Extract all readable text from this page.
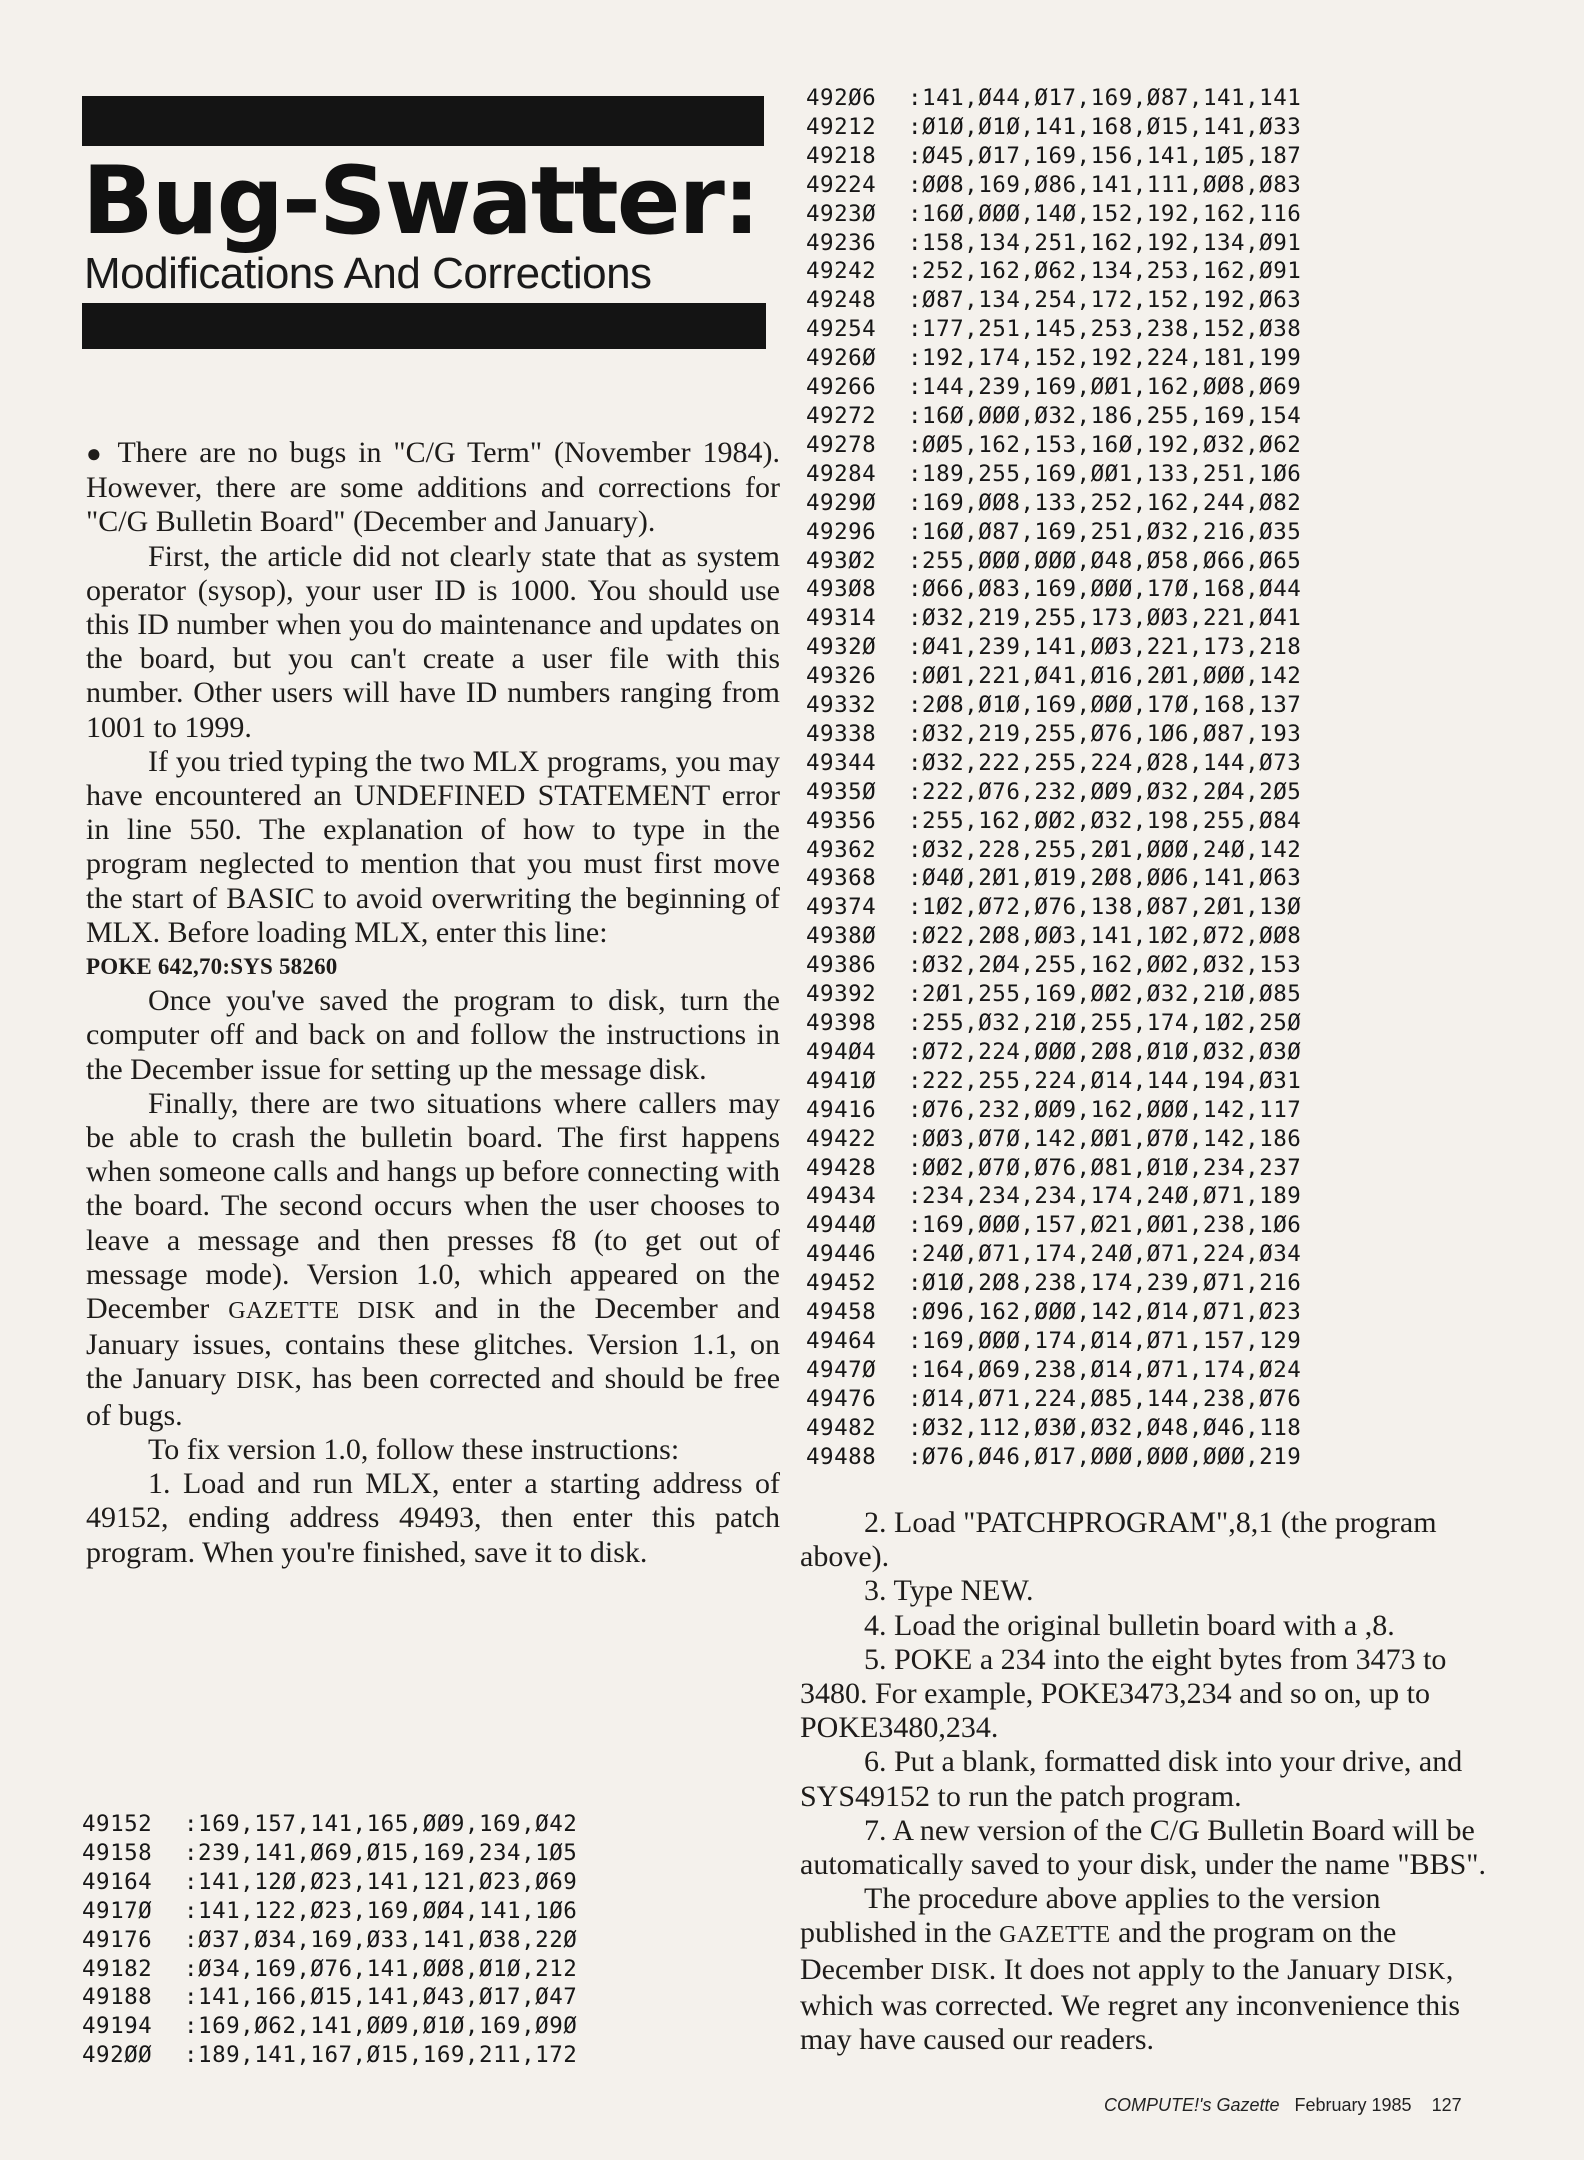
Bug-Swatter:
Modifications And Corrections

● There are no bugs in "C/G Term" (November 1984). However, there are some additions and corrections for "C/G Bulletin Board" (December and January).

First, the article did not clearly state that as system operator (sysop), your user ID is 1000. You should use this ID number when you do maintenance and updates on the board, but you can't create a user file with this number. Other users will have ID numbers ranging from 1001 to 1999.

If you tried typing the two MLX programs, you may have encountered an UNDEFINED STATEMENT error in line 550. The explanation of how to type in the program neglected to mention that you must first move the start of BASIC to avoid overwriting the beginning of MLX. Before loading MLX, enter this line:

POKE 642,70:SYS 58260

Once you've saved the program to disk, turn the computer off and back on and follow the instructions in the December issue for setting up the message disk.

Finally, there are two situations where callers may be able to crash the bulletin board. The first happens when someone calls and hangs up before connecting with the board. The second occurs when the user chooses to leave a message and then presses f8 (to get out of message mode). Version 1.0, which appeared on the December GAZETTE DISK and in the December and January issues, contains these glitches. Version 1.1, on the January DISK, has been corrected and should be free of bugs.

To fix version 1.0, follow these instructions:

1. Load and run MLX, enter a starting address of 49152, ending address 49493, then enter this patch program. When you're finished, save it to disk.

49152 :169,157,141,165,ØØ9,169,Ø42
49158 :239,141,Ø69,Ø15,169,234,1Ø5
49164 :141,12Ø,Ø23,141,121,Ø23,Ø69
4917Ø :141,122,Ø23,169,ØØ4,141,1Ø6
49176 :Ø37,Ø34,169,Ø33,141,Ø38,22Ø
49182 :Ø34,169,Ø76,141,ØØ8,Ø1Ø,212
49188 :141,166,Ø15,141,Ø43,Ø17,Ø47
49194 :169,Ø62,141,ØØ9,Ø1Ø,169,Ø9Ø
492ØØ :189,141,167,Ø15,169,211,172
492Ø6 :141,Ø44,Ø17,169,Ø87,141,141
49212 :Ø1Ø,Ø1Ø,141,168,Ø15,141,Ø33
49218 :Ø45,Ø17,169,156,141,1Ø5,187
49224 :ØØ8,169,Ø86,141,111,ØØ8,Ø83
4923Ø :16Ø,ØØØ,14Ø,152,192,162,116
49236 :158,134,251,162,192,134,Ø91
49242 :252,162,Ø62,134,253,162,Ø91
49248 :Ø87,134,254,172,152,192,Ø63
49254 :177,251,145,253,238,152,Ø38
4926Ø :192,174,152,192,224,181,199
49266 :144,239,169,ØØ1,162,ØØ8,Ø69
49272 :16Ø,ØØØ,Ø32,186,255,169,154
49278 :ØØ5,162,153,16Ø,192,Ø32,Ø62
49284 :189,255,169,ØØ1,133,251,1Ø6
4929Ø :169,ØØ8,133,252,162,244,Ø82
49296 :16Ø,Ø87,169,251,Ø32,216,Ø35
493Ø2 :255,ØØØ,ØØØ,Ø48,Ø58,Ø66,Ø65
493Ø8 :Ø66,Ø83,169,ØØØ,17Ø,168,Ø44
49314 :Ø32,219,255,173,ØØ3,221,Ø41
4932Ø :Ø41,239,141,ØØ3,221,173,218
49326 :ØØ1,221,Ø41,Ø16,2Ø1,ØØØ,142
49332 :2Ø8,Ø1Ø,169,ØØØ,17Ø,168,137
49338 :Ø32,219,255,Ø76,1Ø6,Ø87,193
49344 :Ø32,222,255,224,Ø28,144,Ø73
4935Ø :222,Ø76,232,ØØ9,Ø32,2Ø4,2Ø5
49356 :255,162,ØØ2,Ø32,198,255,Ø84
49362 :Ø32,228,255,2Ø1,ØØØ,24Ø,142
49368 :Ø4Ø,2Ø1,Ø19,2Ø8,ØØ6,141,Ø63
49374 :1Ø2,Ø72,Ø76,138,Ø87,2Ø1,13Ø
4938Ø :Ø22,2Ø8,ØØ3,141,1Ø2,Ø72,ØØ8
49386 :Ø32,2Ø4,255,162,ØØ2,Ø32,153
49392 :2Ø1,255,169,ØØ2,Ø32,21Ø,Ø85
49398 :255,Ø32,21Ø,255,174,1Ø2,25Ø
494Ø4 :Ø72,224,ØØØ,2Ø8,Ø1Ø,Ø32,Ø3Ø
4941Ø :222,255,224,Ø14,144,194,Ø31
49416 :Ø76,232,ØØ9,162,ØØØ,142,117
49422 :ØØ3,Ø7Ø,142,ØØ1,Ø7Ø,142,186
49428 :ØØ2,Ø7Ø,Ø76,Ø81,Ø1Ø,234,237
49434 :234,234,234,174,24Ø,Ø71,189
4944Ø :169,ØØØ,157,Ø21,ØØ1,238,1Ø6
49446 :24Ø,Ø71,174,24Ø,Ø71,224,Ø34
49452 :Ø1Ø,2Ø8,238,174,239,Ø71,216
49458 :Ø96,162,ØØØ,142,Ø14,Ø71,Ø23
49464 :169,ØØØ,174,Ø14,Ø71,157,129
4947Ø :164,Ø69,238,Ø14,Ø71,174,Ø24
49476 :Ø14,Ø71,224,Ø85,144,238,Ø76
49482 :Ø32,112,Ø3Ø,Ø32,Ø48,Ø46,118
49488 :Ø76,Ø46,Ø17,ØØØ,ØØØ,ØØØ,219

2. Load "PATCHPROGRAM",8,1 (the program above).

3. Type NEW.

4. Load the original bulletin board with a ,8.

5. POKE a 234 into the eight bytes from 3473 to 3480. For example, POKE3473,234 and so on, up to POKE3480,234.

6. Put a blank, formatted disk into your drive, and SYS49152 to run the patch program.

7. A new version of the C/G Bulletin Board will be automatically saved to your disk, under the name "BBS".

The procedure above applies to the version published in the GAZETTE and the program on the December DISK. It does not apply to the January DISK, which was corrected. We regret any inconvenience this may have caused our readers.

COMPUTE!'s Gazette February 1985 127
